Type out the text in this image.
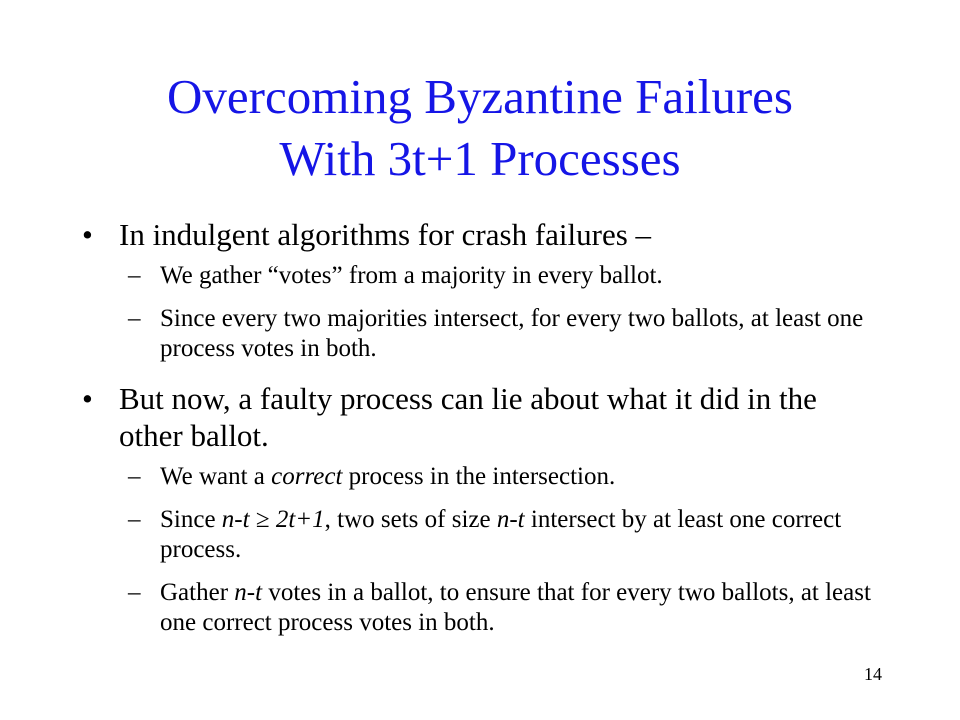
Overcoming Byzantine Failures
With 3t+1 Processes
• In indulgent algorithms for crash failures –
– We gather “votes” from a majority in every ballot.
– Since every two majorities intersect, for every two ballots, at least one process votes in both.
• But now, a faulty process can lie about what it did in the other ballot.
– We want a correct process in the intersection.
– Since n-t ≥ 2t+1, two sets of size n-t intersect by at least one correct process.
– Gather n-t votes in a ballot, to ensure that for every two ballots, at least one correct process votes in both.
14
